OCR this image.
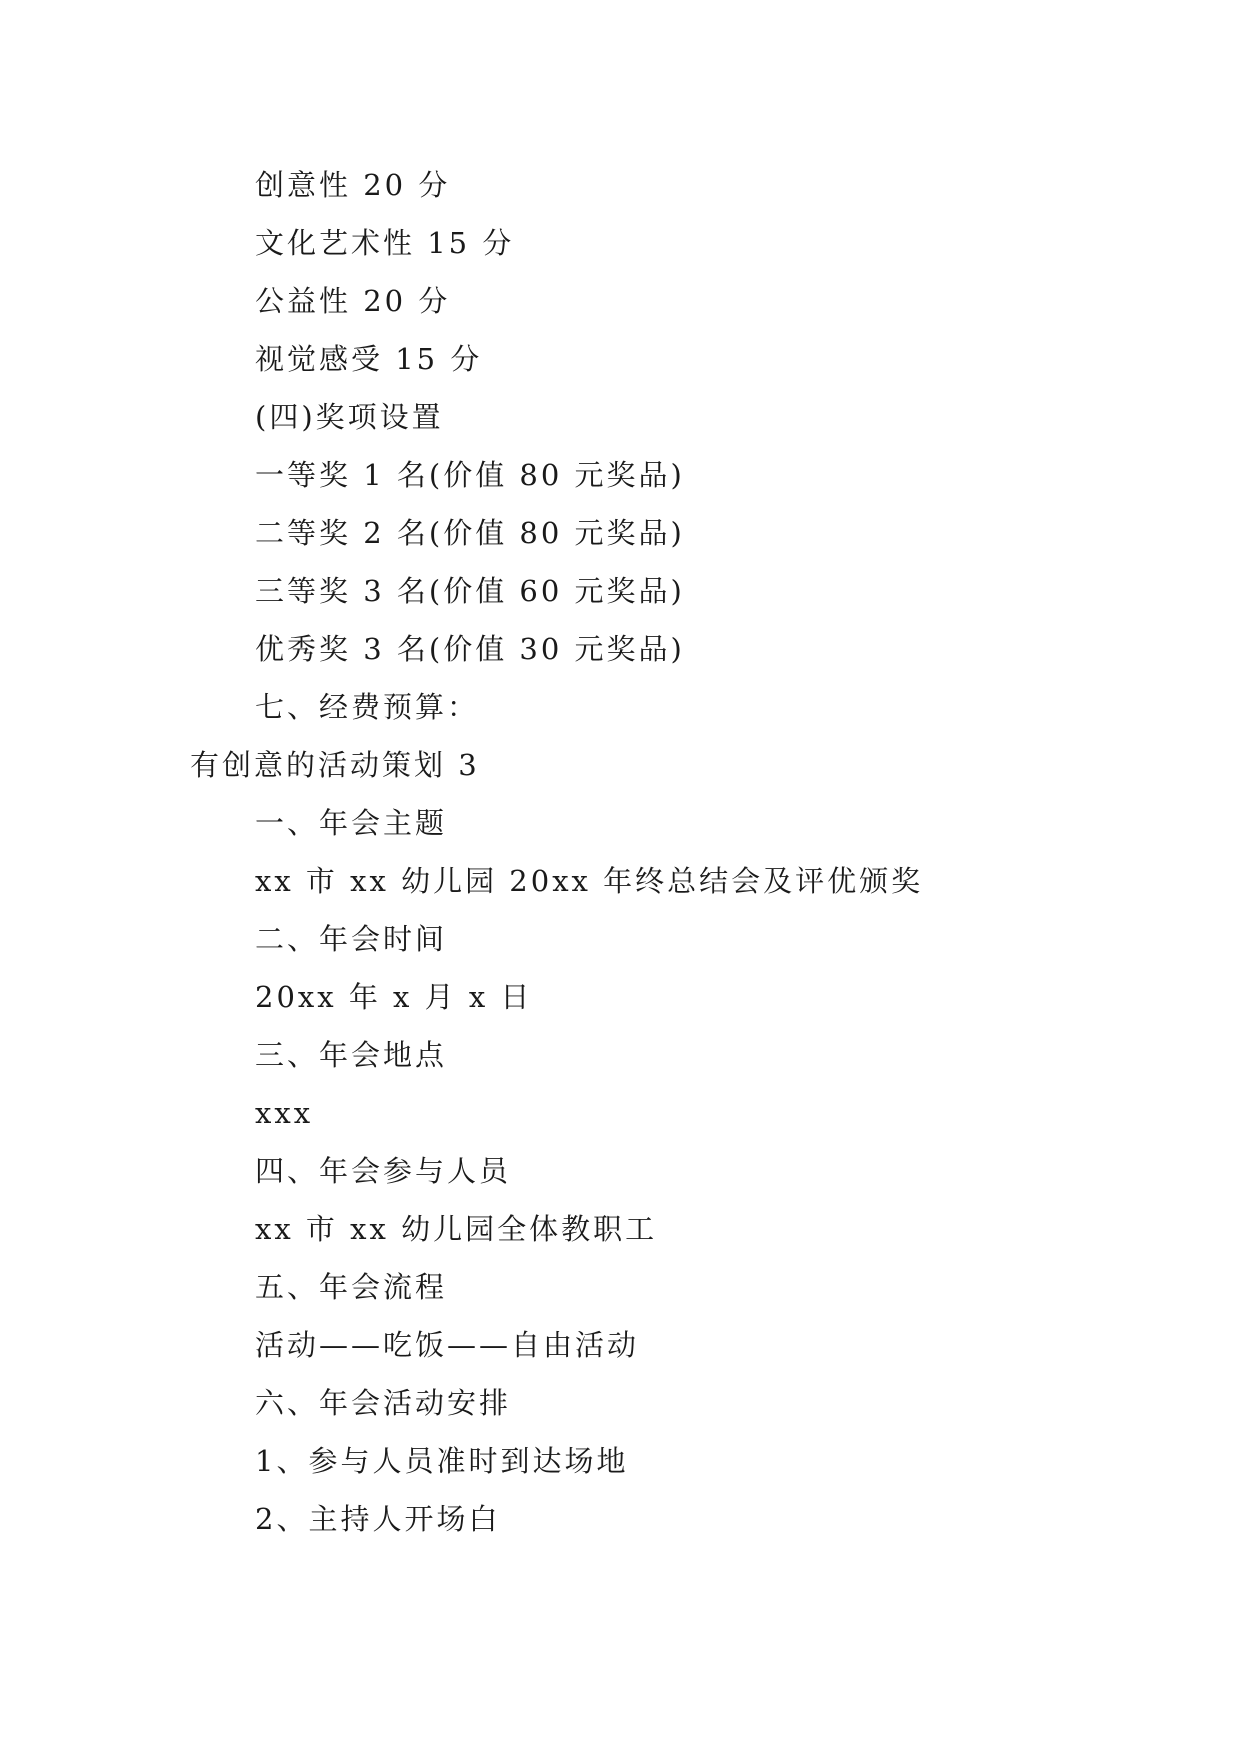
创意性 20 分

文化艺术性 15 分

公益性 20 分

视觉感受 15 分

(四)奖项设置

一等奖 1 名(价值 80 元奖品)

二等奖 2 名(价值 80 元奖品)

三等奖 3 名(价值 60 元奖品)

优秀奖 3 名(价值 30 元奖品)

七、经费预算：

有创意的活动策划 3

一、年会主题

xx 市 xx 幼儿园 20xx 年终总结会及评优颁奖

二、年会时间

20xx 年 x 月 x 日

三、年会地点

xxx

四、年会参与人员

xx 市 xx 幼儿园全体教职工

五、年会流程

活动——吃饭——自由活动

六、年会活动安排

1、参与人员准时到达场地

2、主持人开场白
